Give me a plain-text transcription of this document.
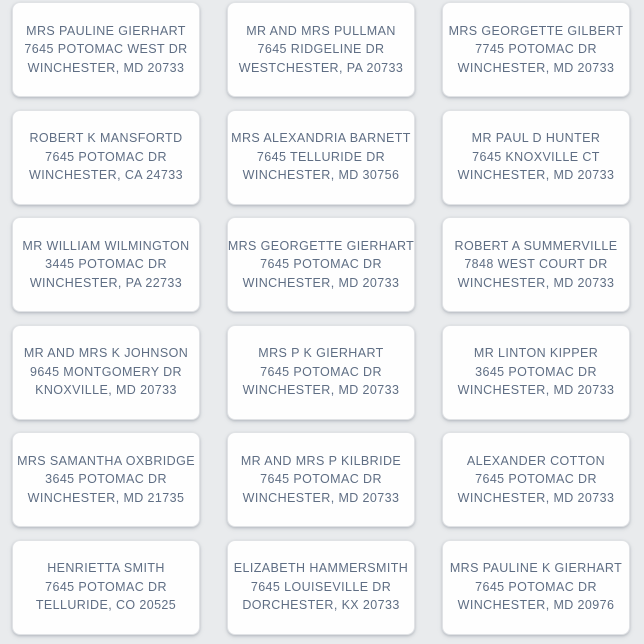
MRS PAULINE GIERHART
7645 POTOMAC WEST DR
WINCHESTER, MD 20733
MR AND MRS PULLMAN
7645 RIDGELINE DR
WESTCHESTER, PA 20733
MRS GEORGETTE GILBERT
7745 POTOMAC DR
WINCHESTER, MD 20733
ROBERT K MANSFORTD
7645 POTOMAC DR
WINCHESTER, CA 24733
MRS ALEXANDRIA BARNETT
7645 TELLURIDE DR
WINCHESTER, MD 30756
MR PAUL D HUNTER
7645 KNOXVILLE CT
WINCHESTER, MD 20733
MR WILLIAM WILMINGTON
3445 POTOMAC DR
WINCHESTER, PA 22733
MRS GEORGETTE GIERHART
7645 POTOMAC DR
WINCHESTER, MD 20733
ROBERT A SUMMERVILLE
7848 WEST COURT DR
WINCHESTER, MD 20733
MR AND MRS K JOHNSON
9645 MONTGOMERY DR
KNOXVILLE, MD 20733
MRS P K GIERHART
7645 POTOMAC DR
WINCHESTER, MD 20733
MR LINTON KIPPER
3645 POTOMAC DR
WINCHESTER, MD 20733
MRS SAMANTHA OXBRIDGE
3645 POTOMAC DR
WINCHESTER, MD 21735
MR AND MRS P KILBRIDE
7645 POTOMAC DR
WINCHESTER, MD 20733
ALEXANDER COTTON
7645 POTOMAC DR
WINCHESTER, MD 20733
HENRIETTA SMITH
7645 POTOMAC DR
TELLURIDE, CO 20525
ELIZABETH HAMMERSMITH
7645 LOUISEVILLE DR
DORCHESTER, KX 20733
MRS PAULINE K GIERHART
7645 POTOMAC DR
WINCHESTER, MD 20976
